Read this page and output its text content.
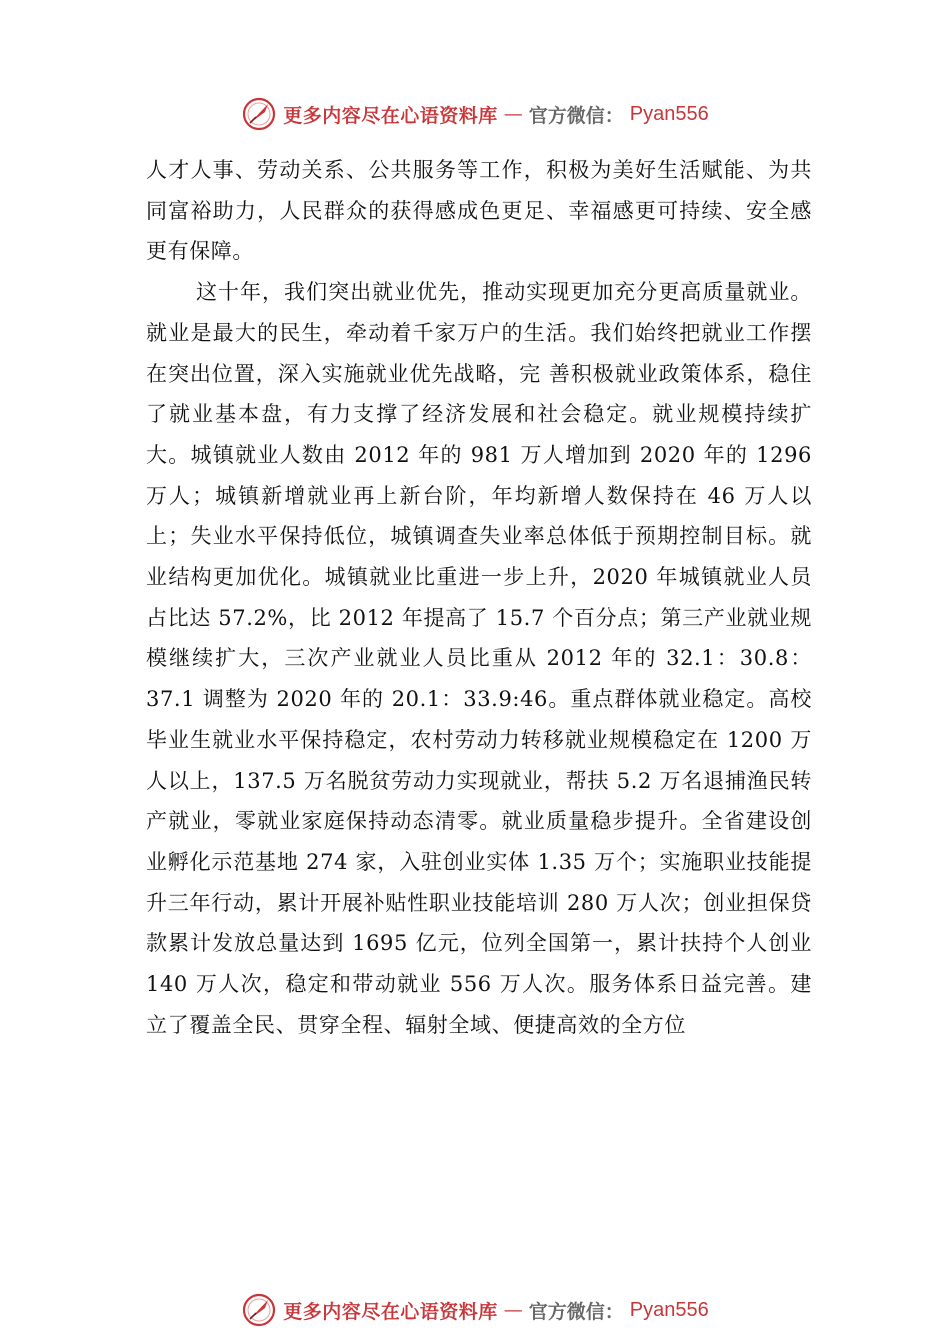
更多内容尽在心语资料库 — 官方微信： Pyan556

人才人事、劳动关系、公共服务等工作，积极为美好生活赋能、为共同富裕助力，人民群众的获得感成色更足、幸福感更可持续、安全感更有保障。

这十年，我们突出就业优先，推动实现更加充分更高质量就业。就业是最大的民生，牵动着千家万户的生活。我们始终把就业工作摆在突出位置，深入实施就业优先战略，完 善积极就业政策体系，稳住了就业基本盘，有力支撑了经济发展和社会稳定。就业规模持续扩大。城镇就业人数由 2012 年的 981 万人增加到 2020 年的 1296 万人；城镇新增就业再上新台阶，年均新增人数保持在 46 万人以上；失业水平保持低位，城镇调查失业率总体低于预期控制目标。就业结构更加优化。城镇就业比重进一步上升，2020 年城镇就业人员占比达 57.2%，比 2012 年提高了 15.7 个百分点；第三产业就业规模继续扩大，三次产业就业人员比重从 2012 年的 32.1：30.8：37.1 调整为 2020 年的 20.1：33.9:46。重点群体就业稳定。高校毕业生就业水平保持稳定，农村劳动力转移就业规模稳定在 1200 万人以上，137.5 万名脱贫劳动力实现就业，帮扶 5.2 万名退捕渔民转产就业，零就业家庭保持动态清零。就业质量稳步提升。全省建设创业孵化示范基地 274 家，入驻创业实体 1.35 万个；实施职业技能提升三年行动，累计开展补贴性职业技能培训 280 万人次；创业担保贷款累计发放总量达到 1695 亿元，位列全国第一，累计扶持个人创业 140 万人次，稳定和带动就业 556 万人次。服务体系日益完善。建立了覆盖全民、贯穿全程、辐射全域、便捷高效的全方位

更多内容尽在心语资料库 — 官方微信： Pyan556
